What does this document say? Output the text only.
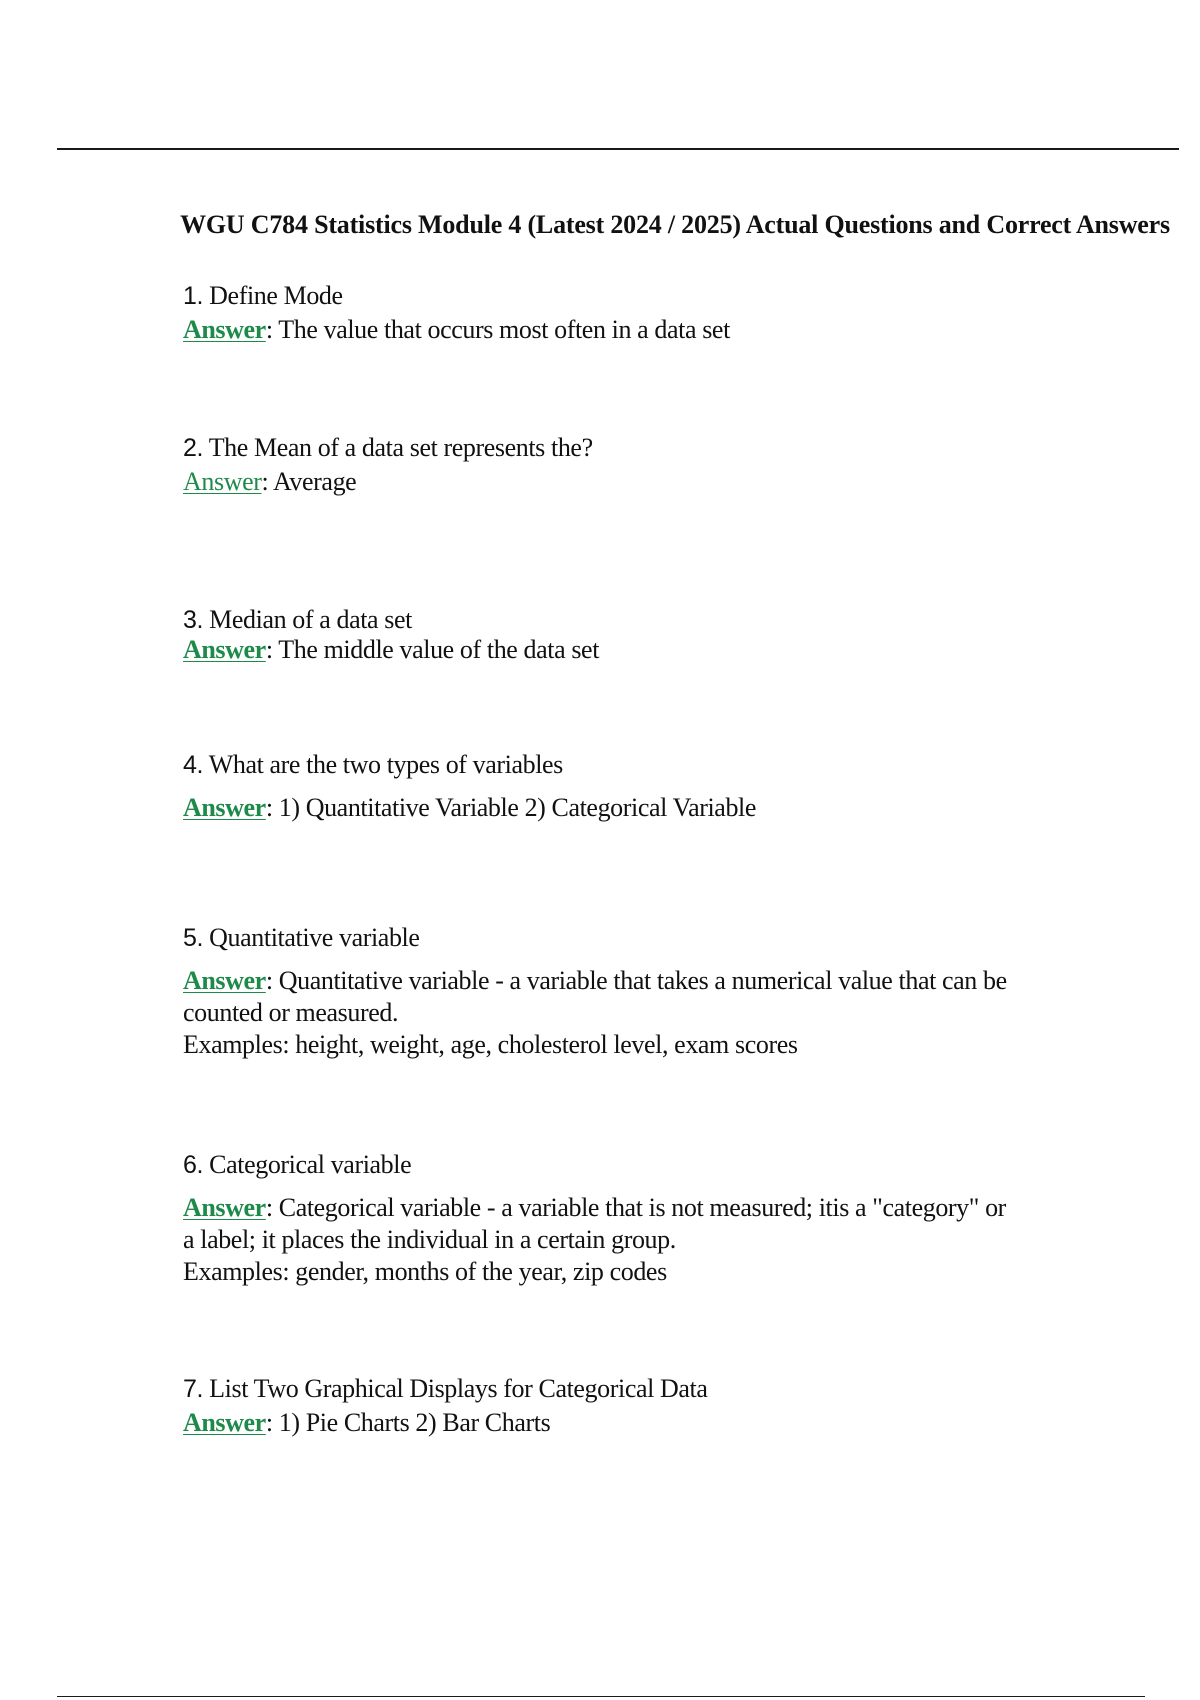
WGU C784 Statistics Module 4 (Latest 2024 / 2025) Actual Questions and Correct Answers
1. Define Mode
Answer: The value that occurs most often in a data set
2. The Mean of a data set represents the?
Answer: Average
3. Median of a data set
Answer: The middle value of the data set
4. What are the two types of variables
Answer: 1) Quantitative Variable 2) Categorical Variable
5. Quantitative variable
Answer: Quantitative variable - a variable that takes a numerical value that can be
counted or measured.
Examples: height, weight, age, cholesterol level, exam scores
6. Categorical variable
Answer: Categorical variable - a variable that is not measured; itis a "category" or
a label; it places the individual in a certain group.
Examples: gender, months of the year, zip codes
7. List Two Graphical Displays for Categorical Data
Answer: 1) Pie Charts 2) Bar Charts
